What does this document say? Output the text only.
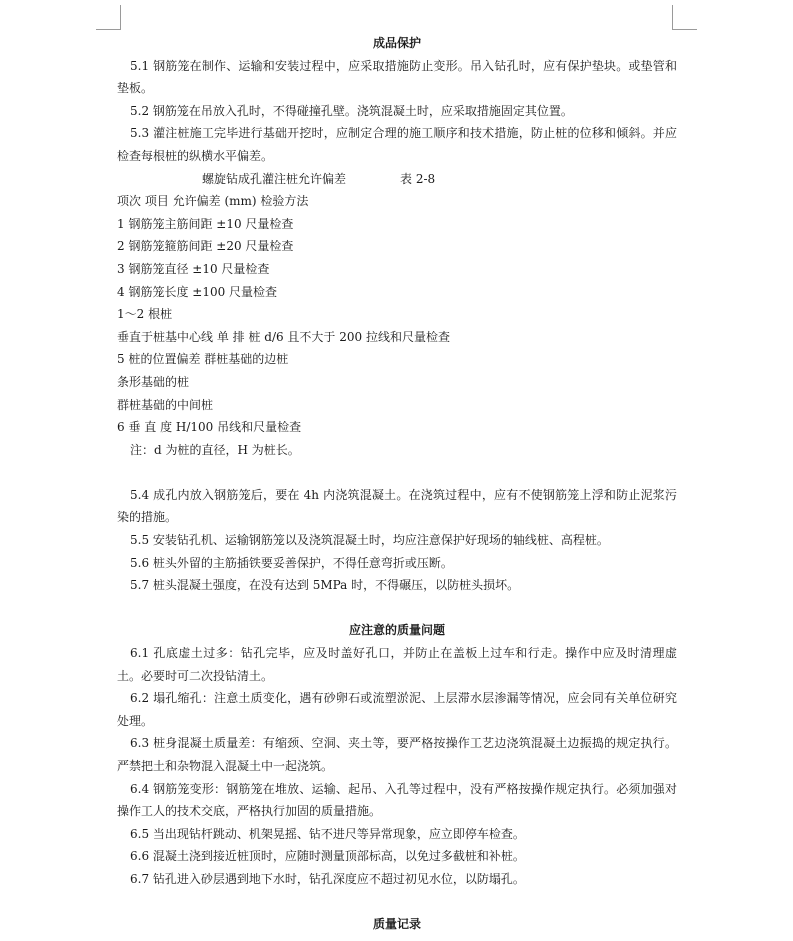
成品保护

5.1 钢筋笼在制作、运输和安装过程中，应采取措施防止变形。吊入钻孔时，应有保护垫块。或垫管和垫板。

5.2 钢筋笼在吊放入孔时，不得碰撞孔壁。浇筑混凝土时，应采取措施固定其位置。

5.3 灌注桩施工完毕进行基础开挖时，应制定合理的施工顺序和技术措施，防止桩的位移和倾斜。并应检查每根桩的纵横水平偏差。

螺旋钻成孔灌注桩允许偏差	表 2-8

项次 项目 允许偏差 (mm) 检验方法

1 钢筋笼主筋间距 ±10 尺量检查

2 钢筋笼箍筋间距 ±20 尺量检查

3 钢筋笼直径 ±10 尺量检查

4 钢筋笼长度 ±100 尺量检查

1～2 根桩

垂直于桩基中心线 单 排 桩 d/6 且不大于 200 拉线和尺量检查

5 桩的位置偏差 群桩基础的边桩

条形基础的桩

群桩基础的中间桩

6 垂 直 度 H/100 吊线和尺量检查

注：d 为桩的直径，H 为桩长。

5.4 成孔内放入钢筋笼后，要在 4h 内浇筑混凝土。在浇筑过程中，应有不使钢筋笼上浮和防止泥浆污染的措施。

5.5 安装钻孔机、运输钢筋笼以及浇筑混凝土时，均应注意保护好现场的轴线桩、高程桩。

5.6 桩头外留的主筋插铁要妥善保护，不得任意弯折或压断。

5.7 桩头混凝土强度，在没有达到 5MPa 时，不得碾压，以防桩头损坏。

应注意的质量问题

6.1 孔底虚土过多：钻孔完毕，应及时盖好孔口，并防止在盖板上过车和行走。操作中应及时清理虚土。必要时可二次投钻清土。

6.2 塌孔缩孔：注意土质变化，遇有砂卵石或流塑淤泥、上层滞水层渗漏等情况，应会同有关单位研究处理。

6.3 桩身混凝土质量差：有缩颈、空洞、夹土等，要严格按操作工艺边浇筑混凝土边振捣的规定执行。严禁把土和杂物混入混凝土中一起浇筑。

6.4 钢筋笼变形：钢筋笼在堆放、运输、起吊、入孔等过程中，没有严格按操作规定执行。必须加强对操作工人的技术交底，严格执行加固的质量措施。

6.5 当出现钻杆跳动、机架晃摇、钻不进尺等异常现象，应立即停车检查。

6.6 混凝土浇到接近桩顶时，应随时测量顶部标高，以免过多截桩和补桩。

6.7 钻孔进入砂层遇到地下水时，钻孔深度应不超过初见水位，以防塌孔。

质量记录
